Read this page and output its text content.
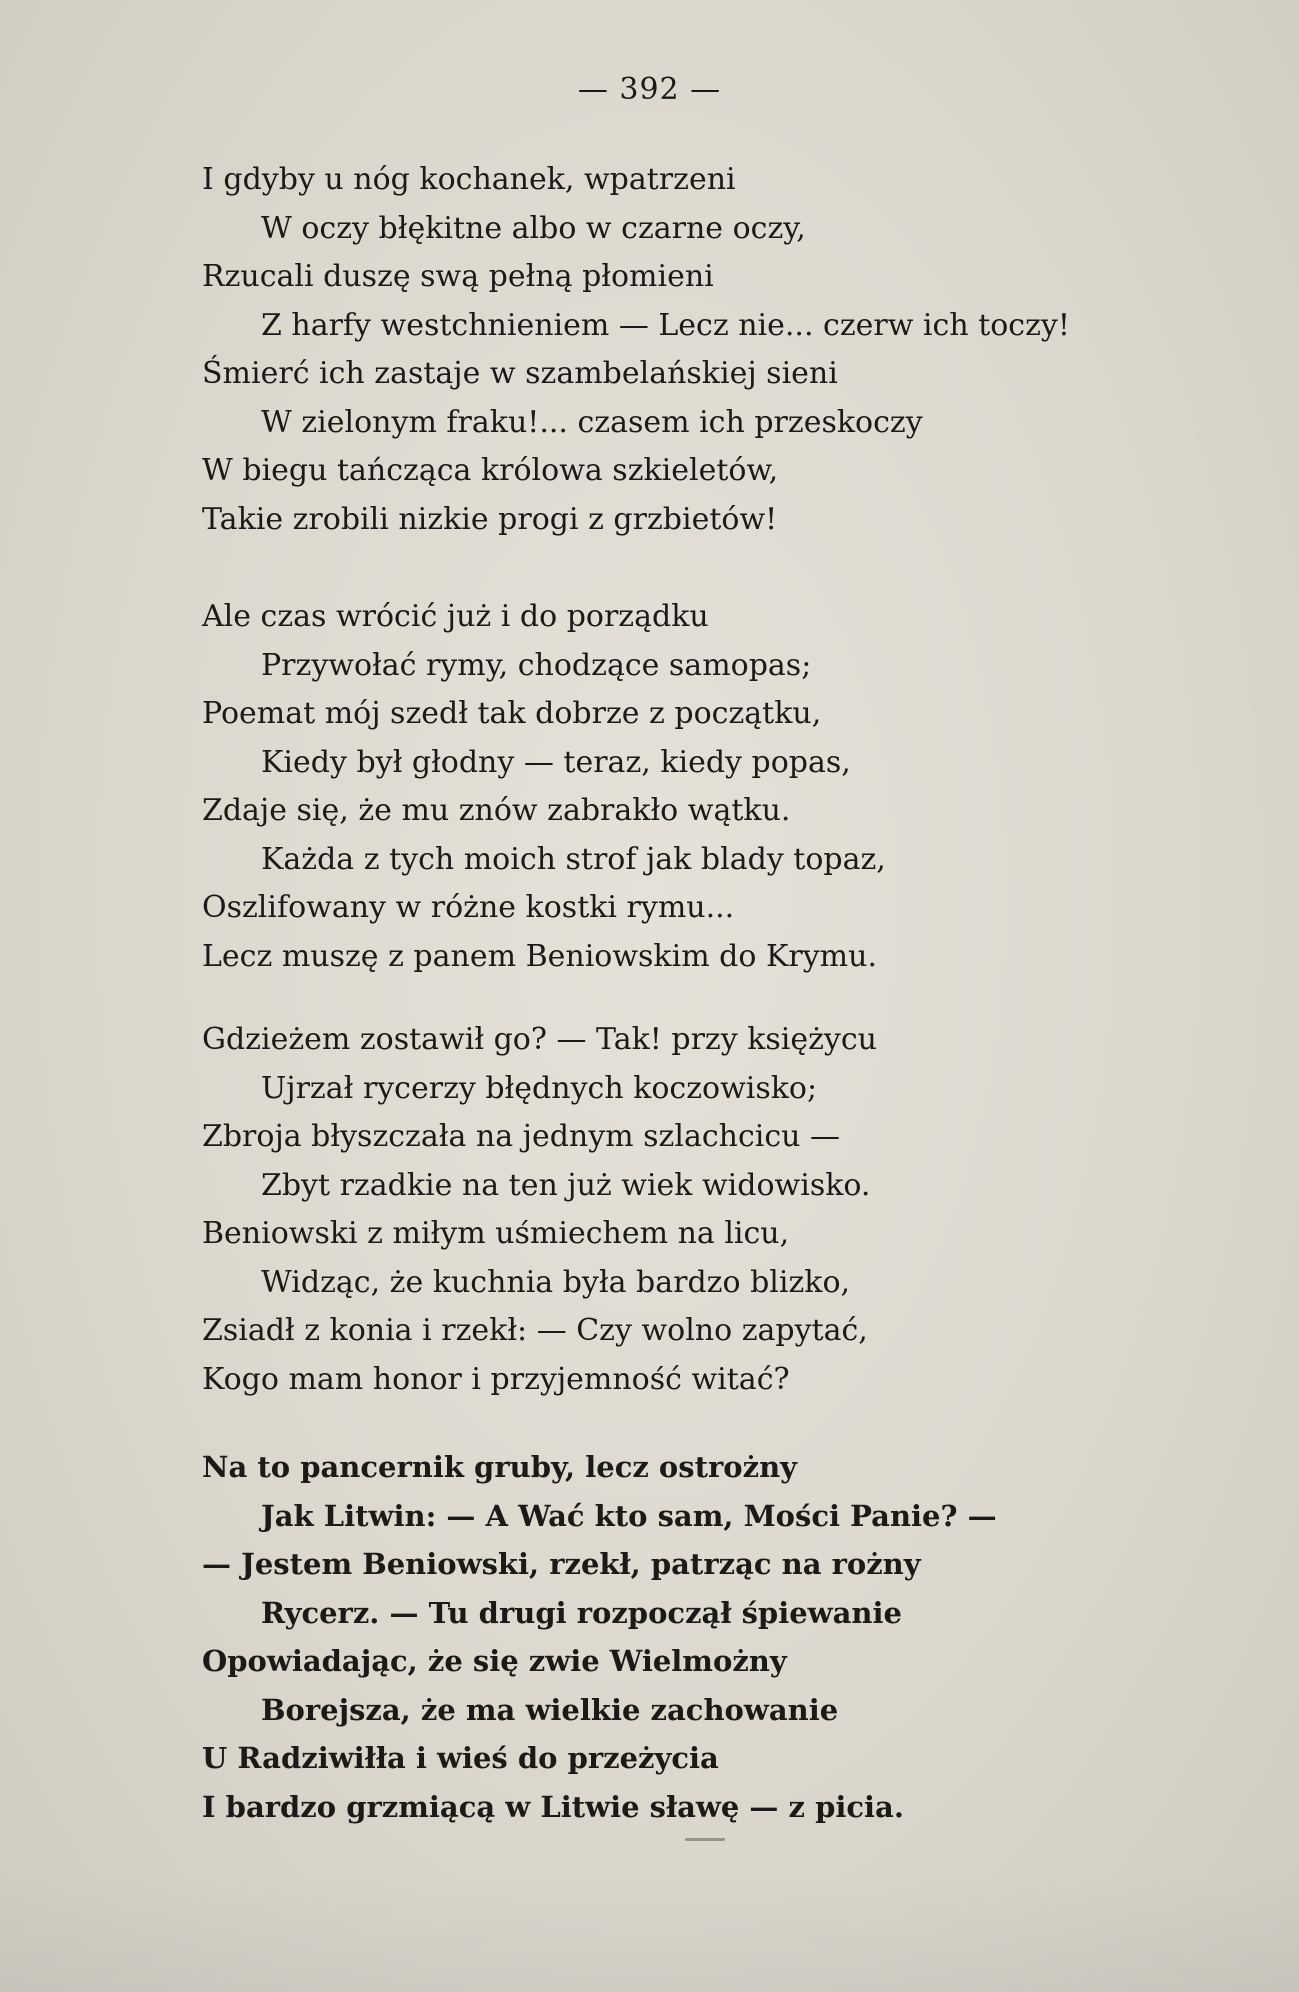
— 392 —
I gdyby u nóg kochanek, wpatrzeni
W oczy błękitne albo w czarne oczy,
Rzucali duszę swą pełną płomieni
Z harfy westchnieniem — Lecz nie... czerw ich toczy!
Śmierć ich zastaje w szambelańskiej sieni
W zielonym fraku!... czasem ich przeskoczy
W biegu tańcząca królowa szkieletów,
Takie zrobili nizkie progi z grzbietów!
Ale czas wrócić już i do porządku
Przywołać rymy, chodzące samopas;
Poemat mój szedł tak dobrze z początku,
Kiedy był głodny — teraz, kiedy popas,
Zdaje się, że mu znów zabrakło wątku.
Każda z tych moich strof jak blady topaz,
Oszlifowany w różne kostki rymu...
Lecz muszę z panem Beniowskim do Krymu.
Gdzieżem zostawił go? — Tak! przy księżycu
Ujrzał rycerzy błędnych koczowisko;
Zbroja błyszczała na jednym szlachcicu —
Zbyt rzadkie na ten już wiek widowisko.
Beniowski z miłym uśmiechem na licu,
Widząc, że kuchnia była bardzo blizko,
Zsiadł z konia i rzekł: — Czy wolno zapytać,
Kogo mam honor i przyjemność witać?
Na to pancernik gruby, lecz ostrożny
Jak Litwin: — A Wać kto sam, Mości Panie? —
— Jestem Beniowski, rzekł, patrząc na rożny
Rycerz. — Tu drugi rozpoczął śpiewanie
Opowiadając, że się zwie Wielmożny
Borejsza, że ma wielkie zachowanie
U Radziwiłła i wieś do przeżycia
I bardzo grzmiącą w Litwie sławę — z picia.
